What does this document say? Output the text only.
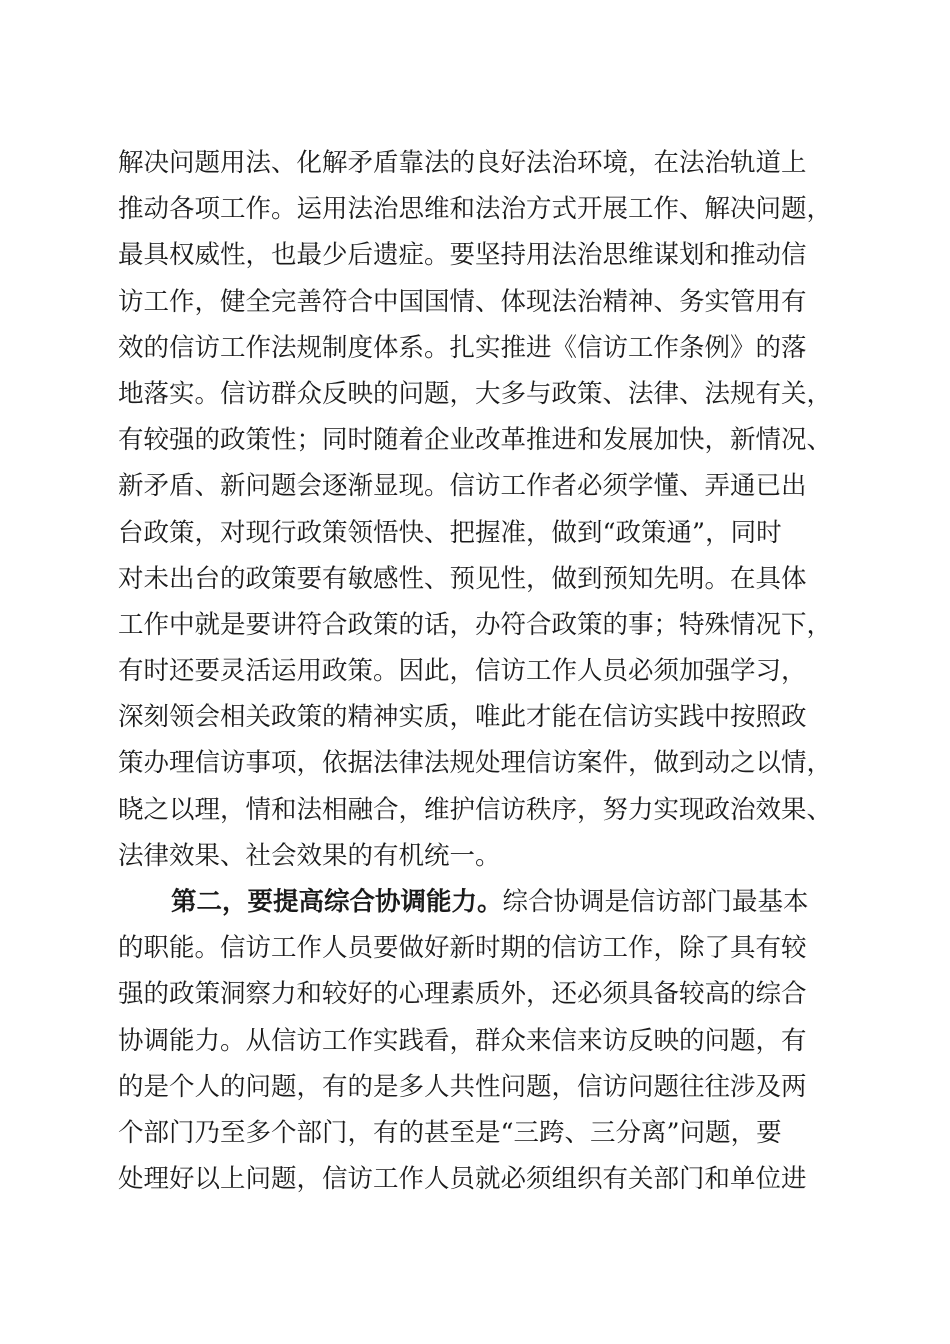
解决问题用法、化解矛盾靠法的良好法治环境，在法治轨道上
推动各项工作。运用法治思维和法治方式开展工作、解决问题，
最具权威性，也最少后遗症。要坚持用法治思维谋划和推动信
访工作，健全完善符合中国国情、体现法治精神、务实管用有
效的信访工作法规制度体系。扎实推进《信访工作条例》的落
地落实。信访群众反映的问题，大多与政策、法律、法规有关，
有较强的政策性；同时随着企业改革推进和发展加快，新情况、
新矛盾、新问题会逐渐显现。信访工作者必须学懂、弄通已出
台政策，对现行政策领悟快、把握准，做到“政策通”，同时
对未出台的政策要有敏感性、预见性，做到预知先明。在具体
工作中就是要讲符合政策的话，办符合政策的事；特殊情况下，
有时还要灵活运用政策。因此，信访工作人员必须加强学习，
深刻领会相关政策的精神实质，唯此才能在信访实践中按照政
策办理信访事项，依据法律法规处理信访案件，做到动之以情，
晓之以理，情和法相融合，维护信访秩序，努力实现政治效果、
法律效果、社会效果的有机统一。
第二，要提高综合协调能力。综合协调是信访部门最基本
的职能。信访工作人员要做好新时期的信访工作，除了具有较
强的政策洞察力和较好的心理素质外，还必须具备较高的综合
协调能力。从信访工作实践看，群众来信来访反映的问题，有
的是个人的问题，有的是多人共性问题，信访问题往往涉及两
个部门乃至多个部门，有的甚至是“三跨、三分离”问题，要
处理好以上问题，信访工作人员就必须组织有关部门和单位进
